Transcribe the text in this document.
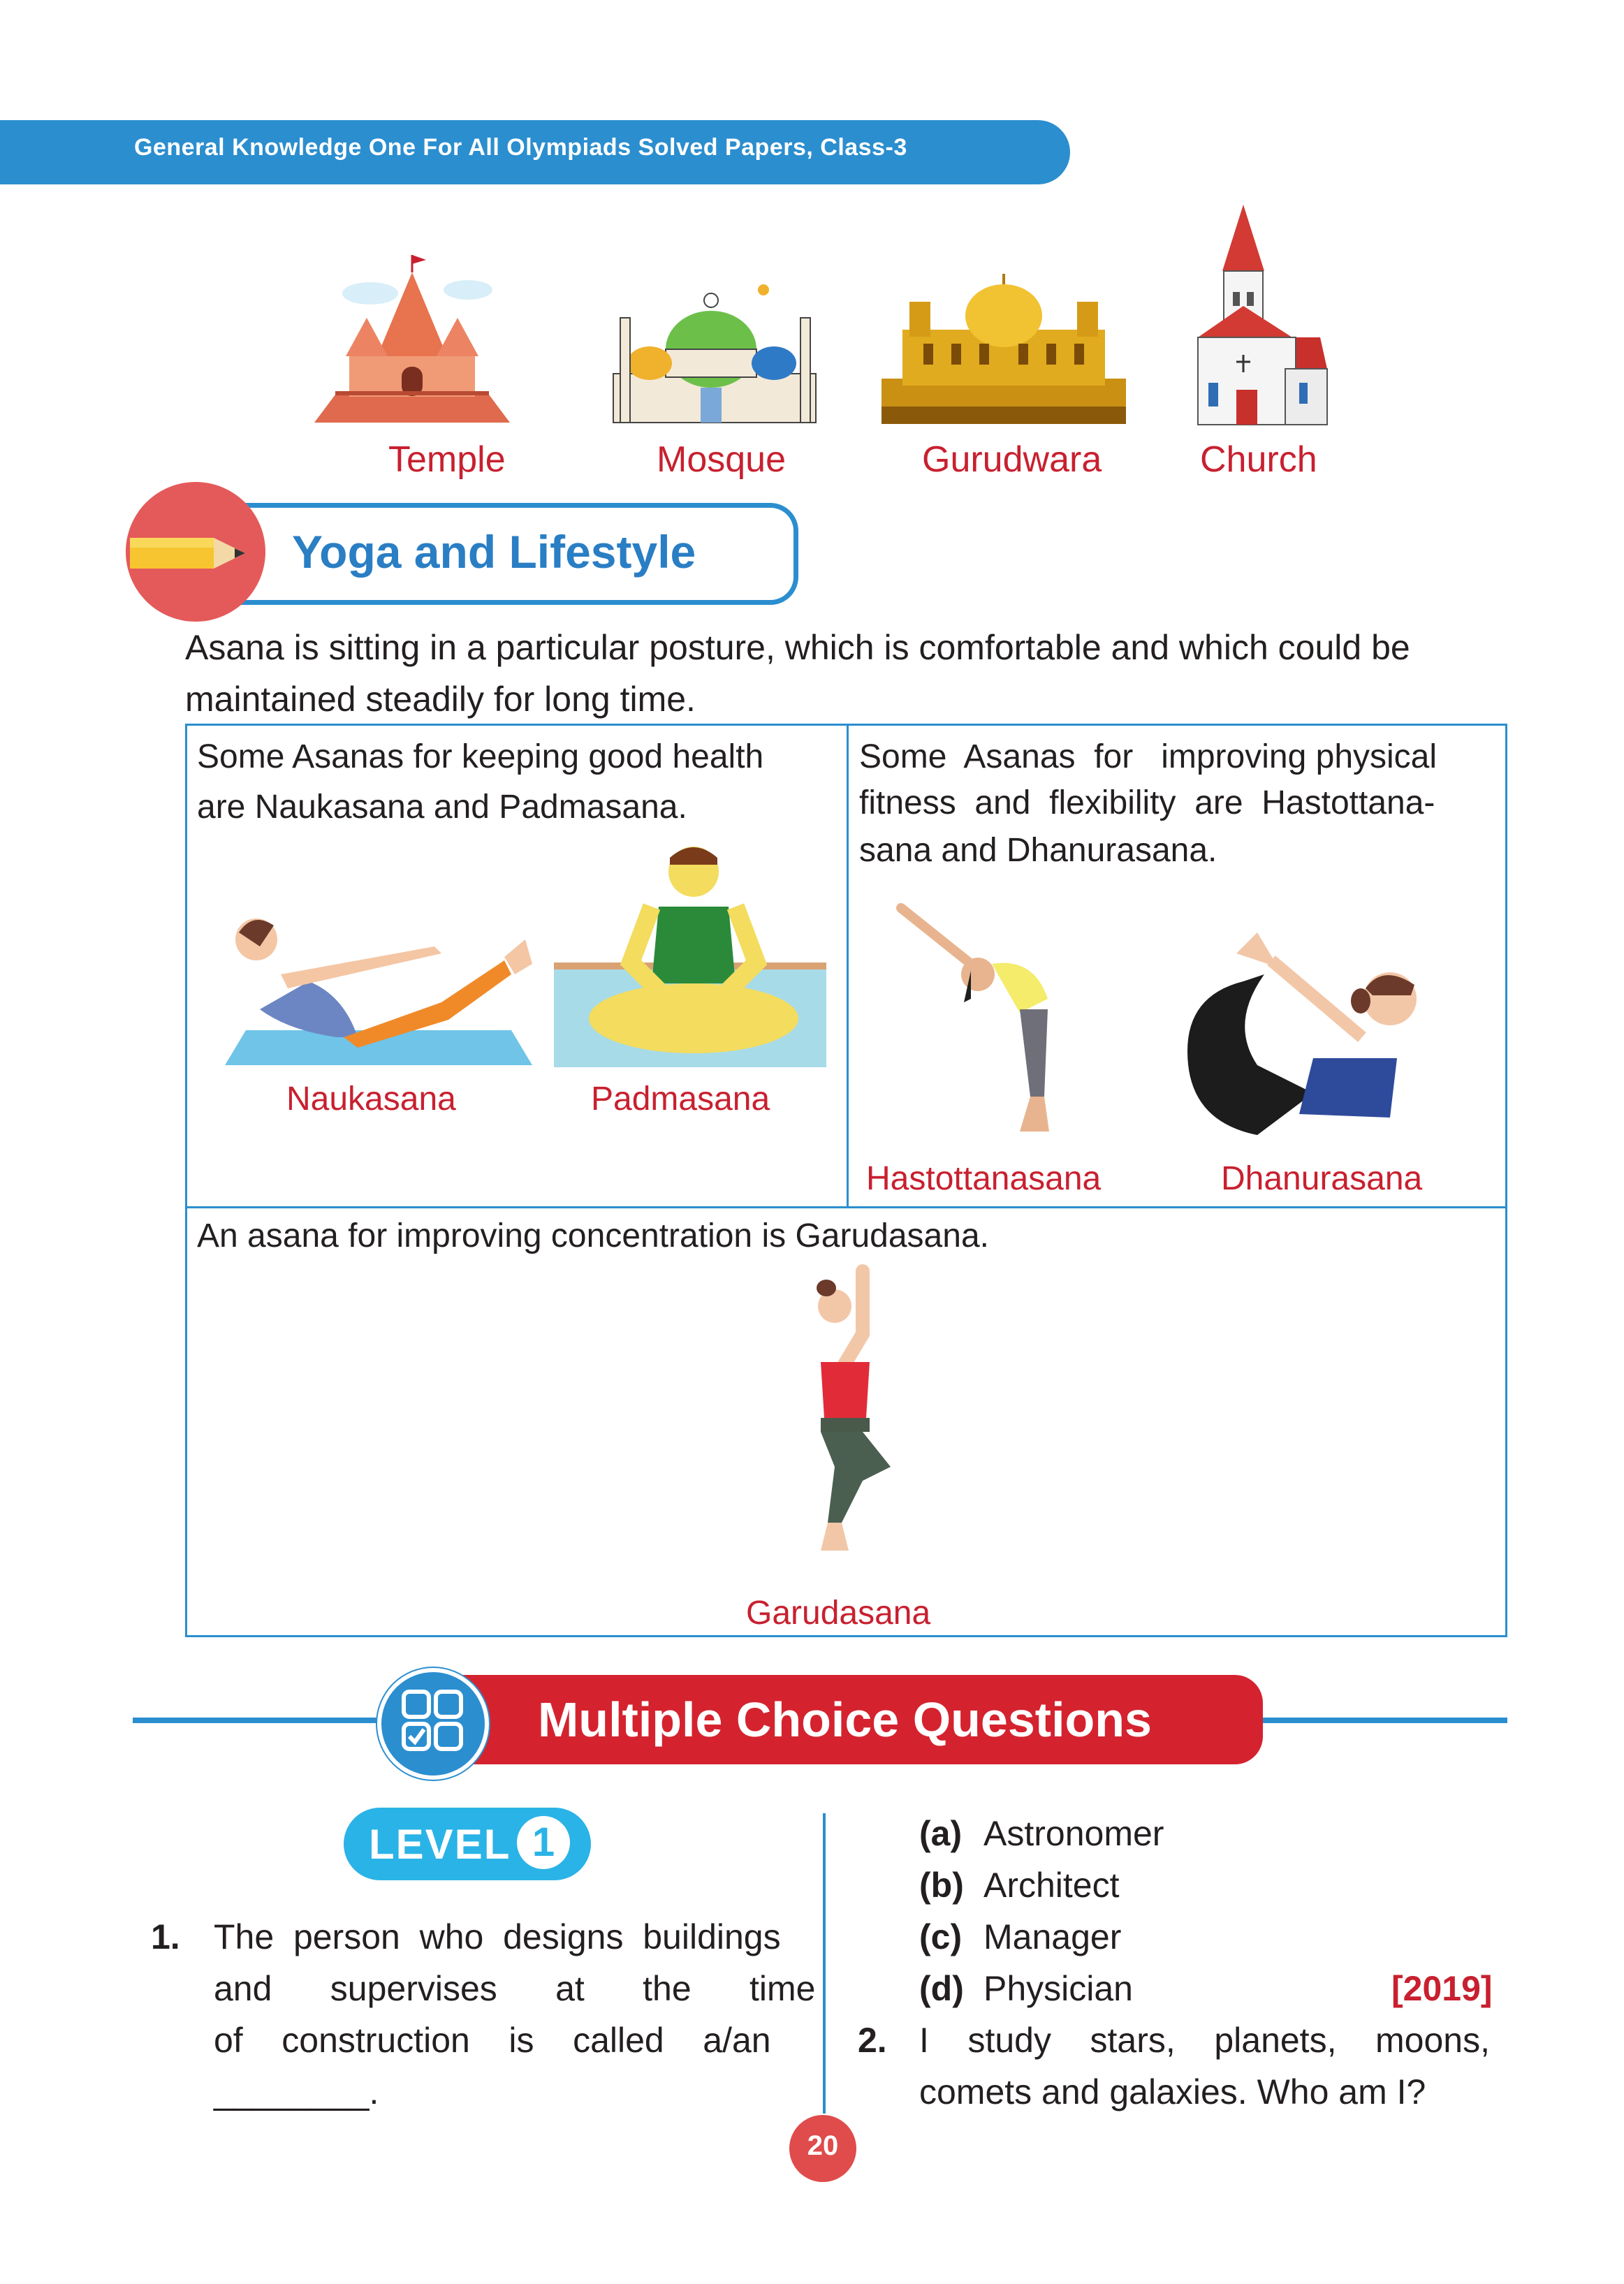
General Knowledge One For All Olympiads Solved Papers, Class-3
Temple	Mosque	Gurudwara	Church
Yoga and Lifestyle
Asana is sitting in a particular posture, which is comfortable and which could be
maintained steadily for long time.
Some Asanas for keeping good health
are Naukasana and Padmasana.
Some  Asanas  for   improving physical
fitness  and  flexibility  are  Hastottana-
sana and Dhanurasana.
Naukasana	Padmasana
Hastottanasana	Dhanurasana
An asana for improving concentration is Garudasana.
Garudasana
Multiple Choice Questions
LEVEL 1
1. The  person  who  designs  buildings
and      supervises      at      the      time
of    construction    is    called    a/an
________.
(a) Astronomer
(b) Architect
(c) Manager
(d) Physician	[2019]
2. I    study    stars,    planets,    moons,
comets and galaxies. Who am I?
20
